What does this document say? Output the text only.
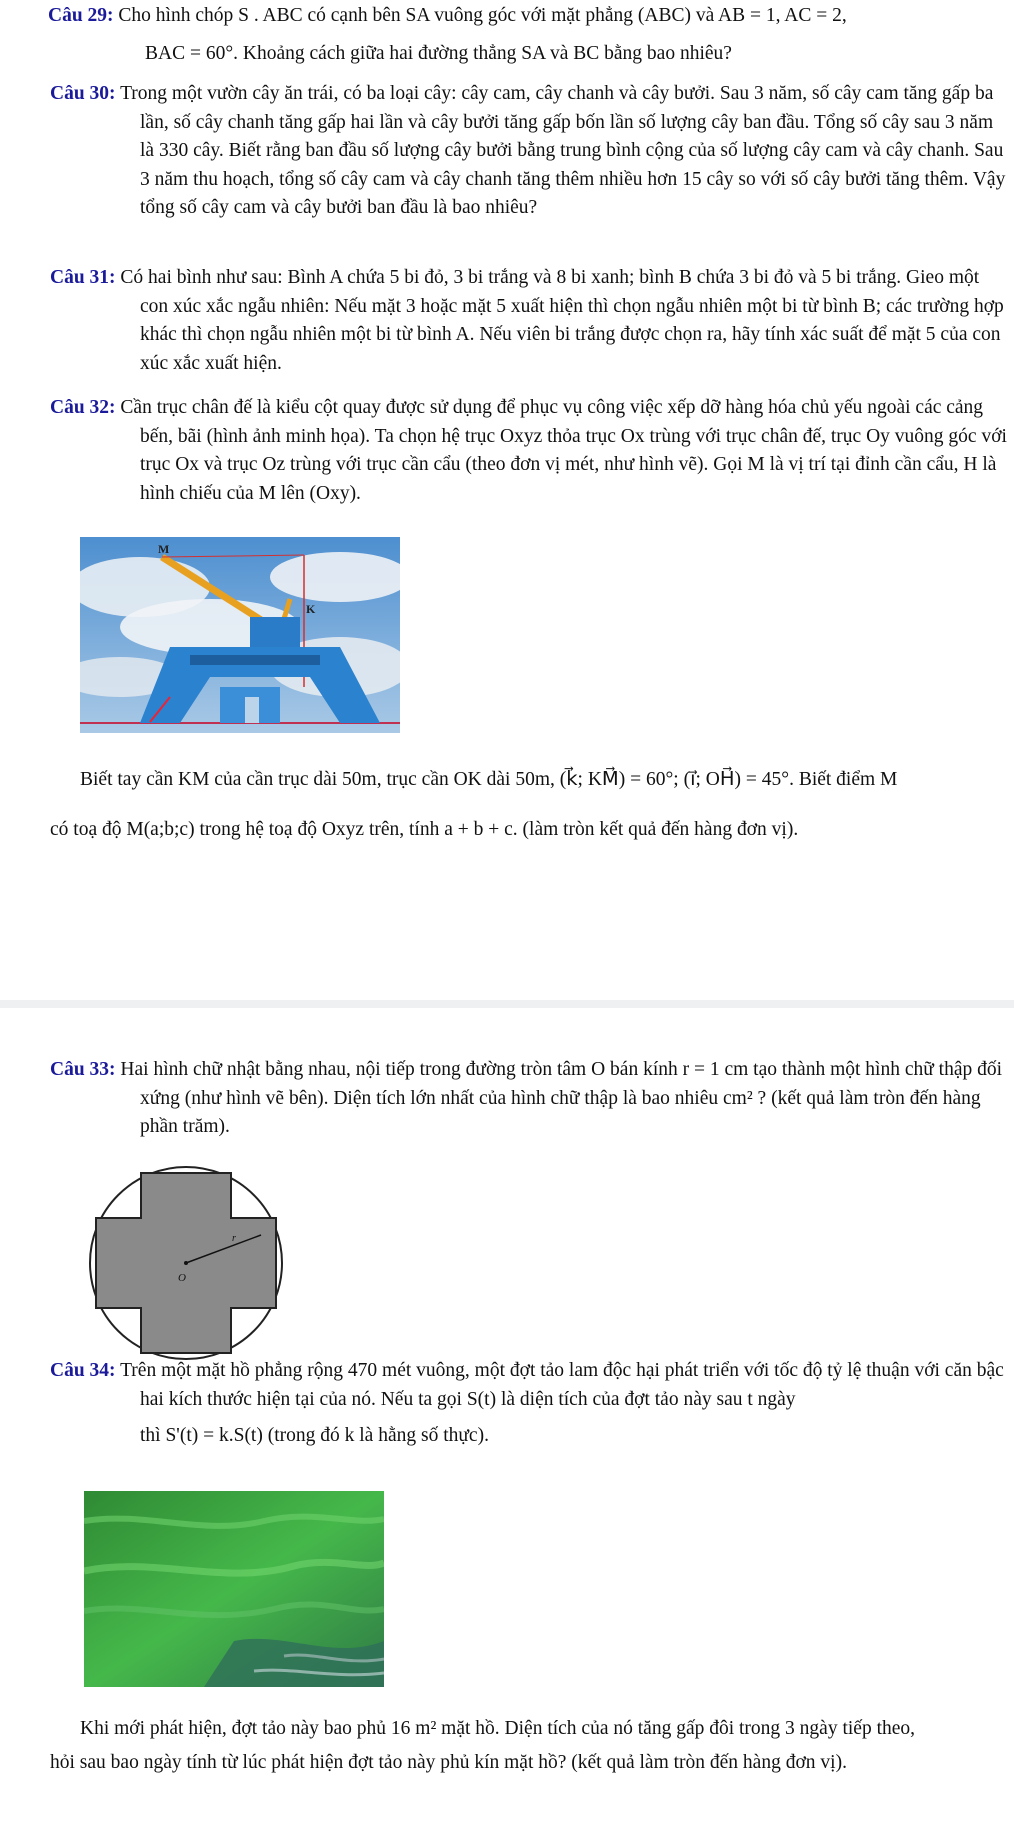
Câu 29: Cho hình chóp S . ABC có cạnh bên SA vuông góc với mặt phẳng (ABC) và AB = 1, AC = 2,
BAC = 60°. Khoảng cách giữa hai đường thẳng SA và BC bằng bao nhiêu?
Câu 30: Trong một vườn cây ăn trái, có ba loại cây: cây cam, cây chanh và cây bưởi. Sau 3 năm, số cây cam tăng gấp ba lần, số cây chanh tăng gấp hai lần và cây bưởi tăng gấp bốn lần số lượng cây ban đầu. Tổng số cây sau 3 năm là 330 cây. Biết rằng ban đầu số lượng cây bưởi bằng trung bình cộng của số lượng cây cam và cây chanh. Sau 3 năm thu hoạch, tổng số cây cam và cây chanh tăng thêm nhiều hơn 15 cây so với số cây bưởi tăng thêm. Vậy tổng số cây cam và cây bưởi ban đầu là bao nhiêu?
Câu 31: Có hai bình như sau: Bình A chứa 5 bi đỏ, 3 bi trắng và 8 bi xanh; bình B chứa 3 bi đỏ và 5 bi trắng. Gieo một con xúc xắc ngẫu nhiên: Nếu mặt 3 hoặc mặt 5 xuất hiện thì chọn ngẫu nhiên một bi từ bình B; các trường hợp khác thì chọn ngẫu nhiên một bi từ bình A. Nếu viên bi trắng được chọn ra, hãy tính xác suất để mặt 5 của con xúc xắc xuất hiện.
Câu 32: Cần trục chân đế là kiểu cột quay được sử dụng để phục vụ công việc xếp dỡ hàng hóa chủ yếu ngoài các cảng bến, bãi (hình ảnh minh họa). Ta chọn hệ trục Oxyz thỏa trục Ox trùng với trục chân đế, trục Oy vuông góc với trục Ox và trục Oz trùng với trục cần cẩu (theo đơn vị mét, như hình vẽ). Gọi M là vị trí tại đỉnh cần cẩu, H là hình chiếu của M lên (Oxy).
M
K
Biết tay cần KM của cần trục dài 50m, trục cần OK dài 50m, (k⃗; KM⃗) = 60°; (i⃗; OH⃗) = 45°. Biết điểm M
có toạ độ M(a;b;c) trong hệ toạ độ Oxyz trên, tính a + b + c. (làm tròn kết quả đến hàng đơn vị).
Câu 33: Hai hình chữ nhật bằng nhau, nội tiếp trong đường tròn tâm O bán kính r = 1 cm tạo thành một hình chữ thập đối xứng (như hình vẽ bên). Diện tích lớn nhất của hình chữ thập là bao nhiêu cm² ? (kết quả làm tròn đến hàng phần trăm).
O
r
Câu 34: Trên một mặt hồ phẳng rộng 470 mét vuông, một đợt tảo lam độc hại phát triển với tốc độ tỷ lệ thuận với căn bậc hai kích thước hiện tại của nó. Nếu ta gọi S(t) là diện tích của đợt tảo này sau t ngày
thì S'(t) = k.S(t) (trong đó k là hằng số thực).
Khi mới phát hiện, đợt tảo này bao phủ 16 m² mặt hồ. Diện tích của nó tăng gấp đôi trong 3 ngày tiếp theo,
hỏi sau bao ngày tính từ lúc phát hiện đợt tảo này phủ kín mặt hồ? (kết quả làm tròn đến hàng đơn vị).
